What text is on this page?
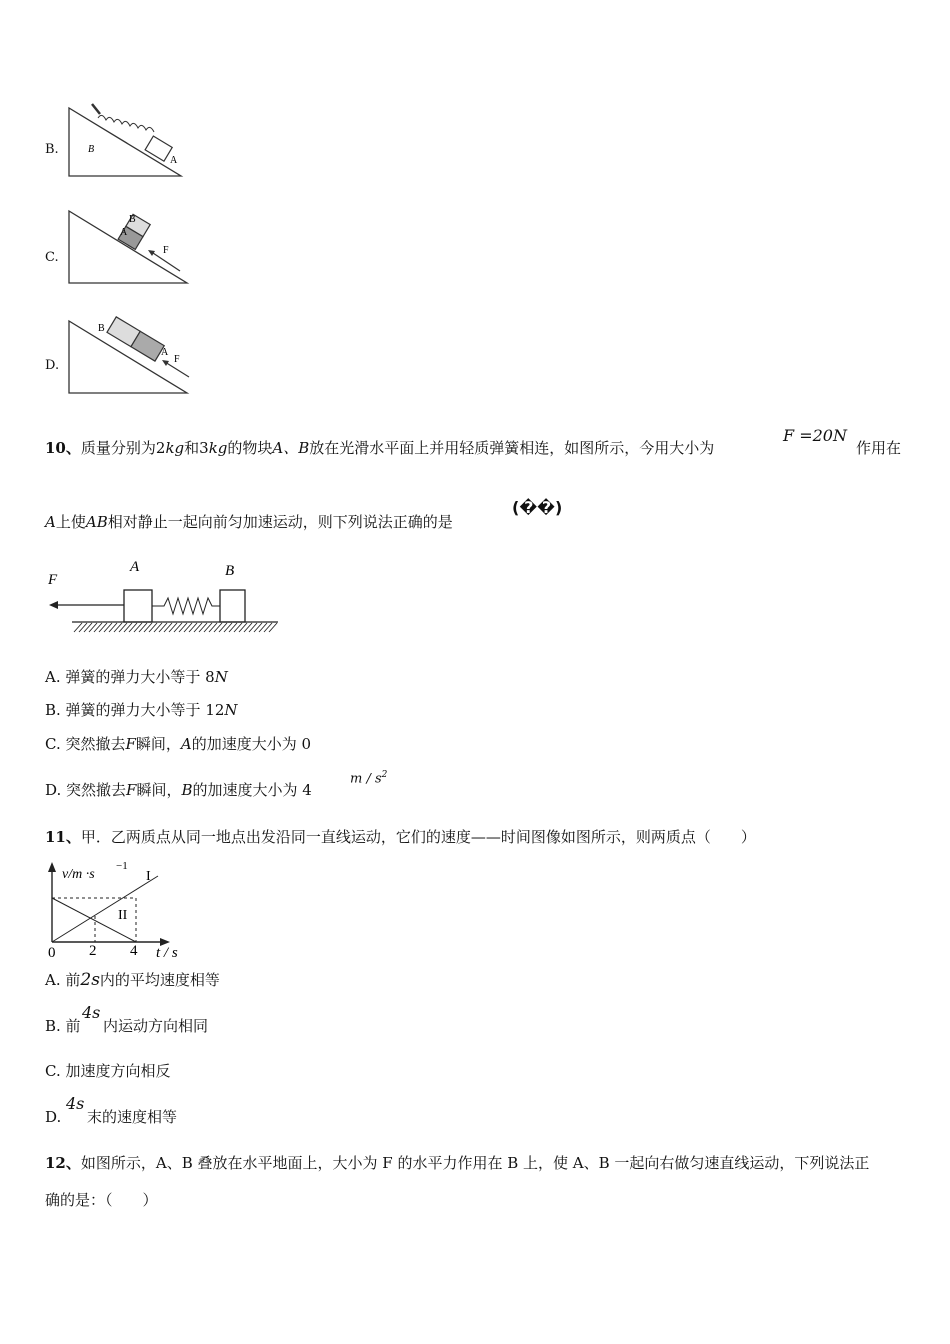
B.
A
B
C.
A
B
F
D.
B
A
F
10、质量分别为2kg和3kg的物块A、B放在光滑水平面上并用轻质弹簧相连，如图所示，今用大小为
F =20N
作用在
A上使AB相对静止一起向前匀加速运动，则下列说法正确的是
(��)
F
A	B
A. 弹簧的弹力大小等于 8N
B. 弹簧的弹力大小等于 12N
C. 突然撤去F瞬间，A的加速度大小为 0
D. 突然撤去F瞬间，B的加速度大小为 4
m / $s^2$
11、甲．乙两质点从同一地点出发沿同一直线运动，它们的速度——时间图像如图所示，则两质点（　　）
v/m ·s
−1
I
II
0 2 4 t / s
A. 前2s内的平均速度相等
B. 前
4s
内运动方向相同
C. 加速度方向相反
D.
4s
末的速度相等
12、如图所示，A、B 叠放在水平地面上，大小为 F 的水平力作用在 B 上，使 A、B 一起向右做匀速直线运动，下列说法正
确的是：（　　）
